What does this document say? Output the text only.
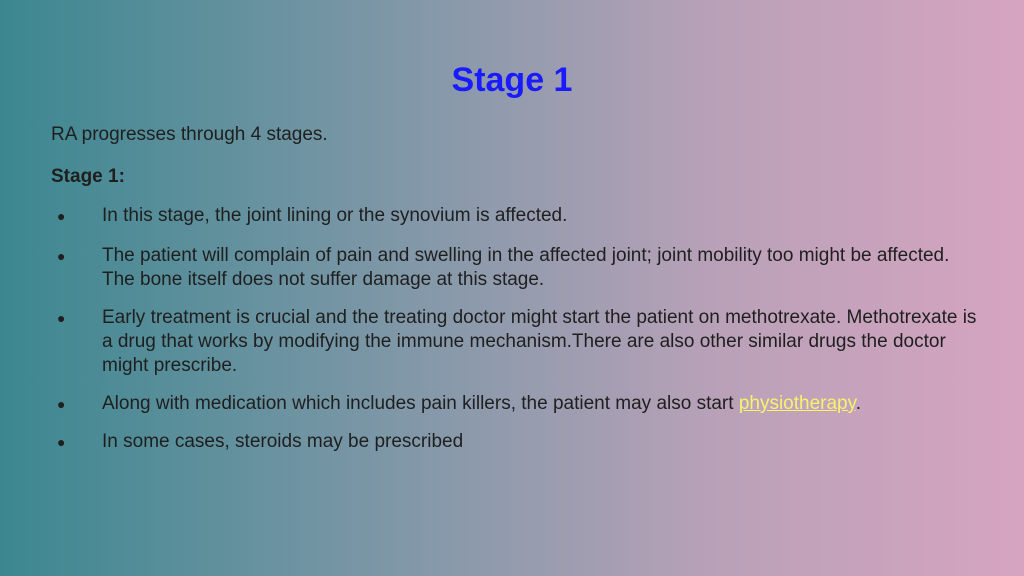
Stage 1
RA progresses through 4 stages.
Stage 1:
● In this stage, the joint lining or the synovium is affected.
● The patient will complain of pain and swelling in the affected joint; joint mobility too might be affected. The bone itself does not suffer damage at this stage.
● Early treatment is crucial and the treating doctor might start the patient on methotrexate. Methotrexate is a drug that works by modifying the immune mechanism.There are also other similar drugs the doctor might prescribe.
● Along with medication which includes pain killers, the patient may also start physiotherapy.
● In some cases, steroids may be prescribed
